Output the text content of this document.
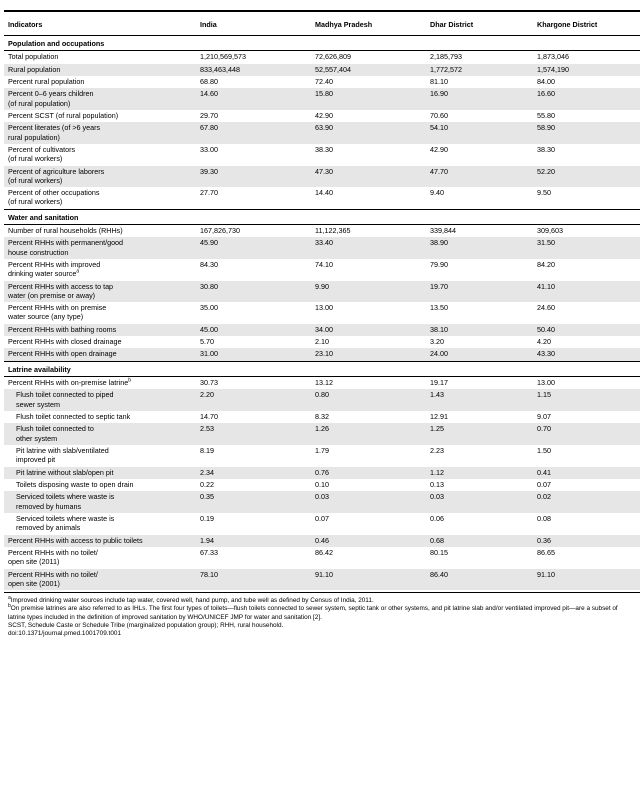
Indicators	India	Madhya Pradesh	Dhar District	Khargone District
Population and occupations				
Total population	1,210,569,573	72,626,809	2,185,793	1,873,046
Rural population	833,463,448	52,557,404	1,772,572	1,574,190
Percent rural population	68.80	72.40	81.10	84.00
Percent 0–6 years children
(of rural population)	14.60	15.80	16.90	16.60
Percent SCST (of rural population)	29.70	42.90	70.60	55.80
Percent literates (of >6 years
rural population)	67.80	63.90	54.10	58.90
Percent of cultivators
(of rural workers)	33.00	38.30	42.90	38.30
Percent of agriculture laborers
(of rural workers)	39.30	47.30	47.70	52.20
Percent of other occupations
(of rural workers)	27.70	14.40	9.40	9.50
Water and sanitation				
Number of rural households (RHHs)	167,826,730	11,122,365	339,844	309,603
Percent RHHs with permanent/good
house construction	45.90	33.40	38.90	31.50
Percent RHHs with improved
drinking water source$^a$	84.30	74.10	79.90	84.20
Percent RHHs with access to tap
water (on premise or away)	30.80	9.90	19.70	41.10
Percent RHHs with on premise
water source (any type)	35.00	13.00	13.50	24.60
Percent RHHs with bathing rooms	45.00	34.00	38.10	50.40
Percent RHHs with closed drainage	5.70	2.10	3.20	4.20
Percent RHHs with open drainage	31.00	23.10	24.00	43.30
Latrine availability				
Percent RHHs with on-premise latrine$^b$	30.73	13.12	19.17	13.00
Flush toilet connected to piped
sewer system	2.20	0.80	1.43	1.15
Flush toilet connected to septic tank	14.70	8.32	12.91	9.07
Flush toilet connected to
other system	2.53	1.26	1.25	0.70
Pit latrine with slab/ventilated
improved pit	8.19	1.79	2.23	1.50
Pit latrine without slab/open pit	2.34	0.76	1.12	0.41
Toilets disposing waste to open drain	0.22	0.10	0.13	0.07
Serviced toilets where waste is
removed by humans	0.35	0.03	0.03	0.02
Serviced toilets where waste is
removed by animals	0.19	0.07	0.06	0.08
Percent RHHs with access to public toilets	1.94	0.46	0.68	0.36
Percent RHHs with no toilet/
open site (2011)	67.33	86.42	80.15	86.65
Percent RHHs with no toilet/
open site (2001)	78.10	91.10	86.40	91.10
$^a$Improved drinking water sources include tap water, covered well, hand pump, and tube well as defined by Census of India, 2011.
$^b$On premise latrines are also referred to as IHLs. The first four types of toilets—flush toilets connected to sewer system, septic tank or other systems, and pit latrine slab and/or ventilated improved pit—are a subset of latrine types included in the definition of improved sanitation by WHO/UNICEF JMP for water and sanitation [2].
SCST, Schedule Caste or Schedule Tribe (marginalized population group); RHH, rural household.
doi:10.1371/journal.pmed.1001709.t001
